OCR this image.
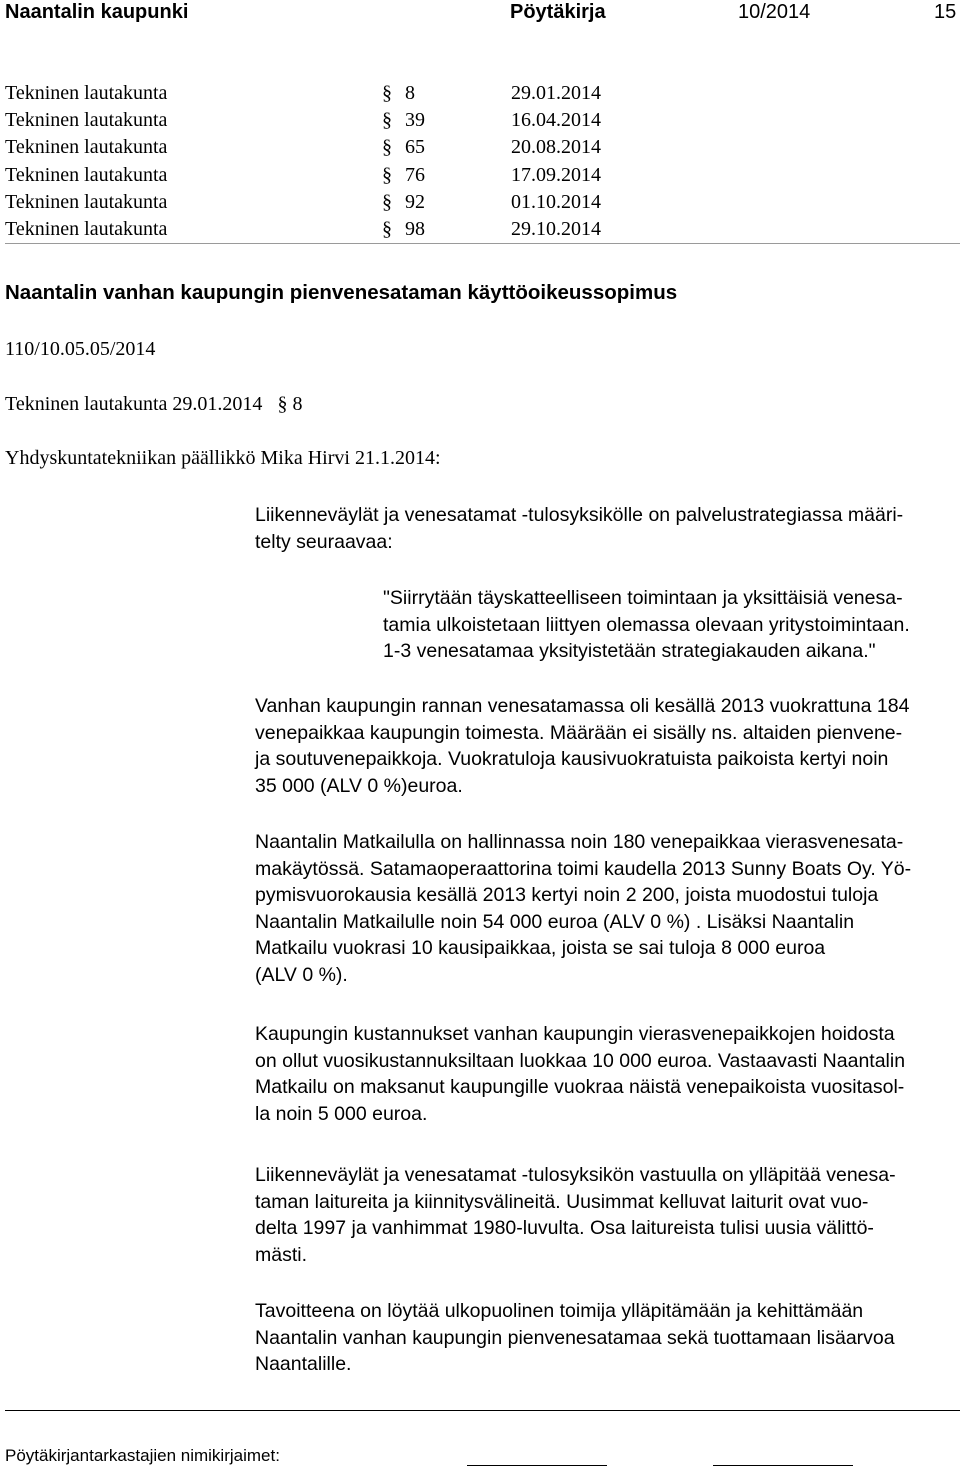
Naantalin kaupunki	Pöytäkirja	10/2014	15
Tekninen lautakunta	§ 8	29.01.2014
Tekninen lautakunta	§ 39	16.04.2014
Tekninen lautakunta	§ 65	20.08.2014
Tekninen lautakunta	§ 76	17.09.2014
Tekninen lautakunta	§ 92	01.10.2014
Tekninen lautakunta	§ 98	29.10.2014
Naantalin vanhan kaupungin pienvenesataman käyttöoikeussopimus
110/10.05.05/2014
Tekninen lautakunta 29.01.2014 § 8
Yhdyskuntatekniikan päällikkö Mika Hirvi 21.1.2014:
Liikenneväylät ja venesatamat -tulosyksikölle on palvelustrategiassa määri-
telty seuraavaa:
"Siirrytään täyskatteelliseen toimintaan ja yksittäisiä venesa-
tamia ulkoistetaan liittyen olemassa olevaan yritystoimintaan.
1-3 venesatamaa yksityistetään strategiakauden aikana."
Vanhan kaupungin rannan venesatamassa oli kesällä 2013 vuokrattuna 184
venepaikkaa kaupungin toimesta. Määrään ei sisälly ns. altaiden pienvene-
ja soutuvenepaikkoja. Vuokratuloja kausivuokratuista paikoista kertyi noin
35 000 (ALV 0 %)euroa.
Naantalin Matkailulla on hallinnassa noin 180 venepaikkaa vierasvenesata-
makäytössä. Satamaoperaattorina toimi kaudella 2013 Sunny Boats Oy. Yö-
pymisvuorokausia kesällä 2013 kertyi noin 2 200, joista muodostui tuloja
Naantalin Matkailulle noin 54 000 euroa (ALV 0 %) . Lisäksi Naantalin
Matkailu vuokrasi 10 kausipaikkaa, joista se sai tuloja 8 000 euroa
(ALV 0 %).
Kaupungin kustannukset vanhan kaupungin vierasvenepaikkojen hoidosta
on ollut vuosikustannuksiltaan luokkaa 10 000 euroa. Vastaavasti Naantalin
Matkailu on maksanut kaupungille vuokraa näistä venepaikoista vuositasol-
la noin 5 000 euroa.
Liikenneväylät ja venesatamat -tulosyksikön vastuulla on ylläpitää venesa-
taman laitureita ja kiinnitysvälineitä. Uusimmat kelluvat laiturit ovat vuo-
delta 1997 ja vanhimmat 1980-luvulta. Osa laitureista tulisi uusia välittö-
mästi.
Tavoitteena on löytää ulkopuolinen toimija ylläpitämään ja kehittämään
Naantalin vanhan kaupungin pienvenesatamaa sekä tuottamaan lisäarvoa
Naantalille.
Pöytäkirjantarkastajien nimikirjaimet:
